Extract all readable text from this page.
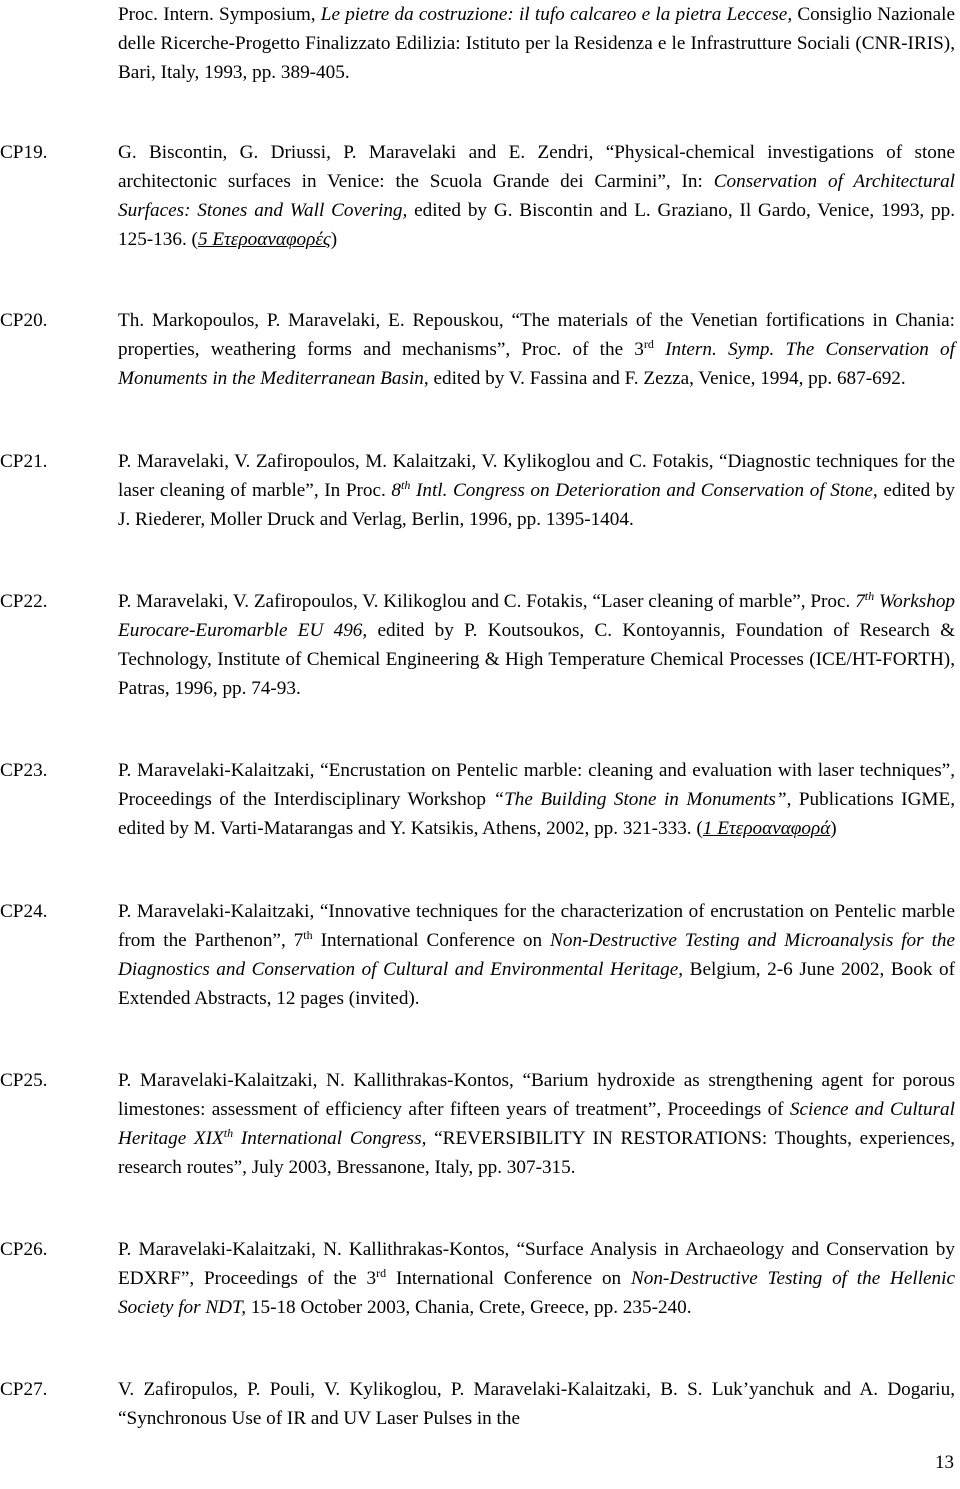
Proc. Intern. Symposium, Le pietre da costruzione: il tufo calcareo e la pietra Leccese, Consiglio Nazionale delle Ricerche-Progetto Finalizzato Edilizia: Istituto per la Residenza e le Infrastrutture Sociali (CNR-IRIS), Bari, Italy, 1993, pp. 389-405.
CP19.	G. Biscontin, G. Driussi, P. Maravelaki and E. Zendri, “Physical-chemical investigations of stone architectonic surfaces in Venice: the Scuola Grande dei Carmini”, In: Conservation of Architectural Surfaces: Stones and Wall Covering, edited by G. Biscontin and L. Graziano, Il Gardo, Venice, 1993, pp. 125-136. (5 Ετεροαναφορές)
CP20.	Th. Markopoulos, P. Maravelaki, E. Repouskou, “The materials of the Venetian fortifications in Chania: properties, weathering forms and mechanisms”, Proc. of the 3rd Intern. Symp. The Conservation of Monuments in the Mediterranean Basin, edited by V. Fassina and F. Zezza, Venice, 1994, pp. 687-692.
CP21.	P. Maravelaki, V. Zafiropoulos, M. Kalaitzaki, V. Kylikoglou and C. Fotakis, “Diagnostic techniques for the laser cleaning of marble”, In Proc. 8th Intl. Congress on Deterioration and Conservation of Stone, edited by J. Riederer, Moller Druck and Verlag, Berlin, 1996, pp. 1395-1404.
CP22.	P. Maravelaki, V. Zafiropoulos, V. Kilikoglou and C. Fotakis, “Laser cleaning of marble”, Proc. 7th Workshop Eurocare-Euromarble EU 496, edited by P. Koutsoukos, C. Kontoyannis, Foundation of Research & Technology, Institute of Chemical Engineering & High Temperature Chemical Processes (ICE/HT-FORTH), Patras, 1996, pp. 74-93.
CP23.	P. Maravelaki-Kalaitzaki, “Encrustation on Pentelic marble: cleaning and evaluation with laser techniques”, Proceedings of the Interdisciplinary Workshop “The Building Stone in Monuments”, Publications IGME, edited by M. Varti-Matarangas and Y. Katsikis, Athens, 2002, pp. 321-333. (1 Ετεροαναφορά)
CP24.	P. Maravelaki-Kalaitzaki, “Innovative techniques for the characterization of encrustation on Pentelic marble from the Parthenon”, 7th International Conference on Non-Destructive Testing and Microanalysis for the Diagnostics and Conservation of Cultural and Environmental Heritage, Belgium, 2-6 June 2002, Book of Extended Abstracts, 12 pages (invited).
CP25.	P. Maravelaki-Kalaitzaki, N. Kallithrakas-Kontos, “Barium hydroxide as strengthening agent for porous limestones: assessment of efficiency after fifteen years of treatment”, Proceedings of Science and Cultural Heritage XIXth International Congress, “REVERSIBILITY IN RESTORATIONS: Thoughts, experiences, research routes”, July 2003, Bressanone, Italy, pp. 307-315.
CP26.	P. Maravelaki-Kalaitzaki, N. Kallithrakas-Kontos, “Surface Analysis in Archaeology and Conservation by EDXRF”, Proceedings of the 3rd International Conference on Non-Destructive Testing of the Hellenic Society for NDT, 15-18 October 2003, Chania, Crete, Greece, pp. 235-240.
CP27.	V. Zafiropulos, P. Pouli, V. Kylikoglou, P. Maravelaki-Kalaitzaki, B. S. Luk’yanchuk and A. Dogariu, “Synchronous Use of IR and UV Laser Pulses in the
13
